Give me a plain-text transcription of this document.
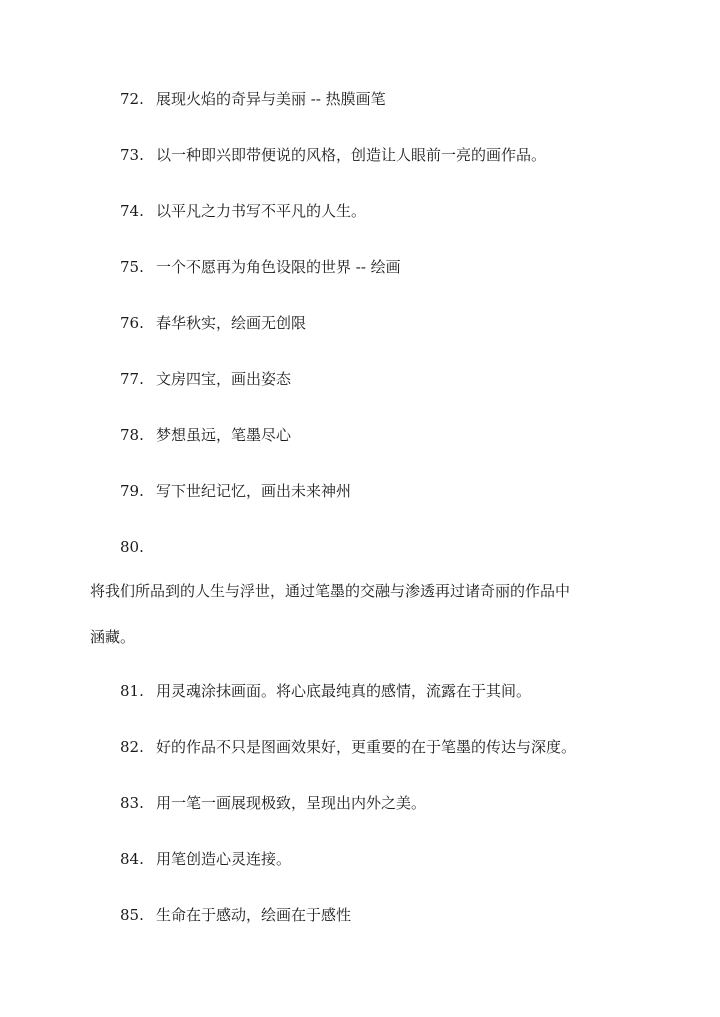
72. 展现火焰的奇异与美丽 -- 热膜画笔
73. 以一种即兴即带便说的风格，创造让人眼前一亮的画作品。
74. 以平凡之力书写不平凡的人生。
75. 一个不愿再为角色设限的世界 -- 绘画
76. 春华秋实，绘画无创限
77. 文房四宝，画出姿态
78. 梦想虽远，笔墨尽心
79. 写下世纪记忆，画出未来神州
80.
将我们所品到的人生与浮世，通过笔墨的交融与渗透再过诸奇丽的作品中
涵藏。
81. 用灵魂涂抹画面。将心底最纯真的感情，流露在于其间。
82. 好的作品不只是图画效果好，更重要的在于笔墨的传达与深度。
83. 用一笔一画展现极致，呈现出内外之美。
84. 用笔创造心灵连接。
85. 生命在于感动，绘画在于感性
